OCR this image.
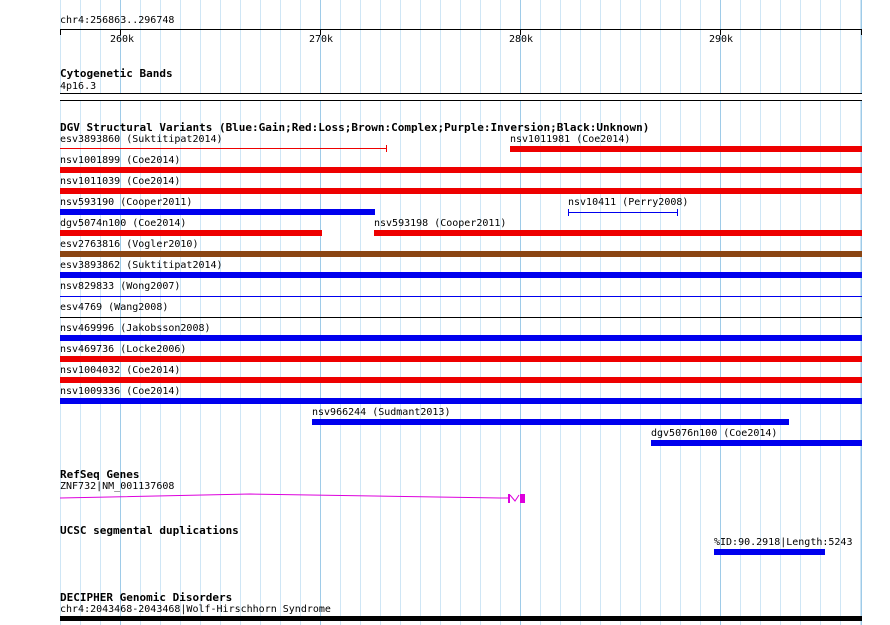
chr4:256863..296748
260k	270k	280k	290k
Cytogenetic Bands
4p16.3
DGV Structural Variants (Blue:Gain;Red:Loss;Brown:Complex;Purple:Inversion;Black:Unknown)
esv3893860 (Suktitipat2014)	nsv1011981 (Coe2014)
nsv1001899 (Coe2014)
nsv1011039 (Coe2014)
nsv593190 (Cooper2011)	nsv10411 (Perry2008)
dgv5074n100 (Coe2014)	nsv593198 (Cooper2011)
esv2763816 (Vogler2010)
esv3893862 (Suktitipat2014)
nsv829833 (Wong2007)
esv4769 (Wang2008)
nsv469996 (Jakobsson2008)
nsv469736 (Locke2006)
nsv1004032 (Coe2014)
nsv1009336 (Coe2014)
nsv966244 (Sudmant2013)
dgv5076n100 (Coe2014)
RefSeq Genes
ZNF732|NM_001137608
UCSC segmental duplications
%ID:90.2918|Length:5243
DECIPHER Genomic Disorders
chr4:2043468-2043468|Wolf-Hirschhorn Syndrome
